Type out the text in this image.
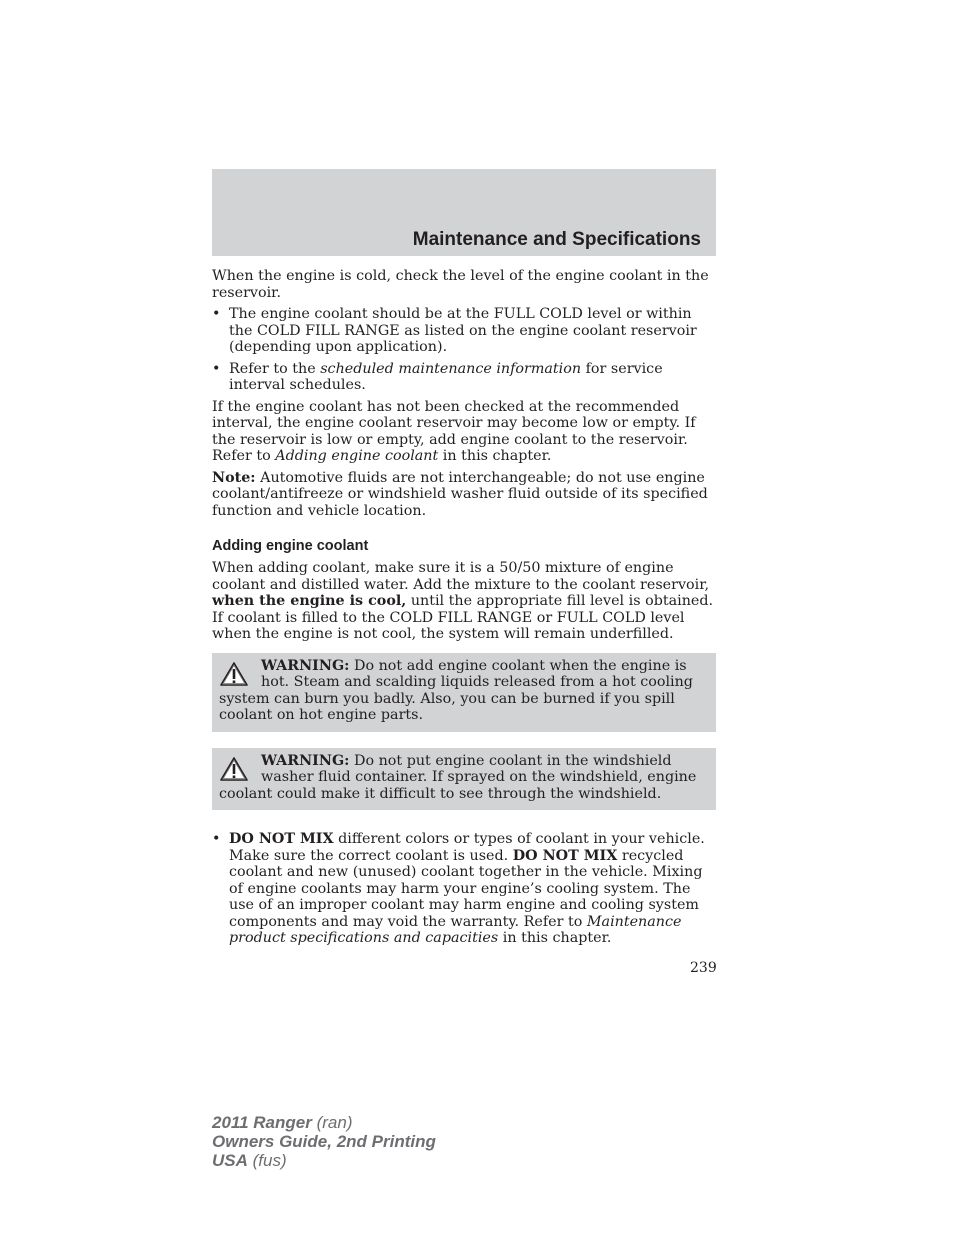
Maintenance and Specifications

When the engine is cold, check the level of the engine coolant in the reservoir.

• The engine coolant should be at the FULL COLD level or within the COLD FILL RANGE as listed on the engine coolant reservoir (depending upon application).
• Refer to the scheduled maintenance information for service interval schedules.

If the engine coolant has not been checked at the recommended interval, the engine coolant reservoir may become low or empty. If the reservoir is low or empty, add engine coolant to the reservoir. Refer to Adding engine coolant in this chapter.

Note: Automotive fluids are not interchangeable; do not use engine coolant/antifreeze or windshield washer fluid outside of its specified function and vehicle location.

Adding engine coolant

When adding coolant, make sure it is a 50/50 mixture of engine coolant and distilled water. Add the mixture to the coolant reservoir, when the engine is cool, until the appropriate fill level is obtained. If coolant is filled to the COLD FILL RANGE or FULL COLD level when the engine is not cool, the system will remain underfilled.

WARNING: Do not add engine coolant when the engine is hot. Steam and scalding liquids released from a hot cooling system can burn you badly. Also, you can be burned if you spill coolant on hot engine parts.
WARNING: Do not put engine coolant in the windshield washer fluid container. If sprayed on the windshield, engine coolant could make it difficult to see through the windshield.
• DO NOT MIX different colors or types of coolant in your vehicle. Make sure the correct coolant is used. DO NOT MIX recycled coolant and new (unused) coolant together in the vehicle. Mixing of engine coolants may harm your engine’s cooling system. The use of an improper coolant may harm engine and cooling system components and may void the warranty. Refer to Maintenance product specifications and capacities in this chapter.
239
2011 Ranger (ran)
Owners Guide, 2nd Printing
USA (fus)
